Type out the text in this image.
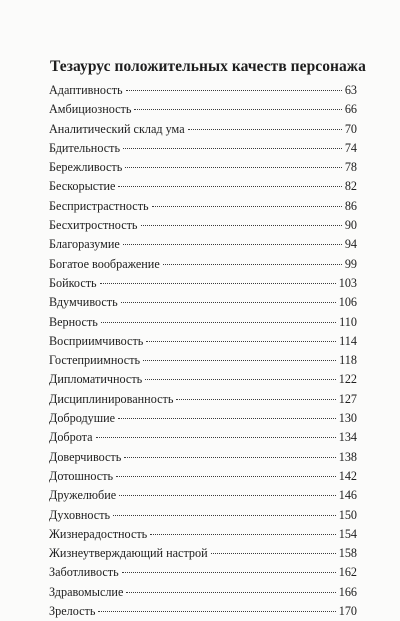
Тезаурус положительных качеств персонажа
Адаптивность	63
Амбициозность	66
Аналитический склад ума	70
Бдительность	74
Бережливость	78
Бескорыстие	82
Беспристрастность	86
Бесхитростность	90
Благоразумие	94
Богатое воображение	99
Бойкость	103
Вдумчивость	106
Верность	110
Восприимчивость	114
Гостеприимность	118
Дипломатичность	122
Дисциплинированность	127
Добродушие	130
Доброта	134
Доверчивость	138
Дотошность	142
Дружелюбие	146
Духовность	150
Жизнерадостность	154
Жизнеутверждающий настрой	158
Заботливость	162
Здравомыслие	166
Зрелость	170
